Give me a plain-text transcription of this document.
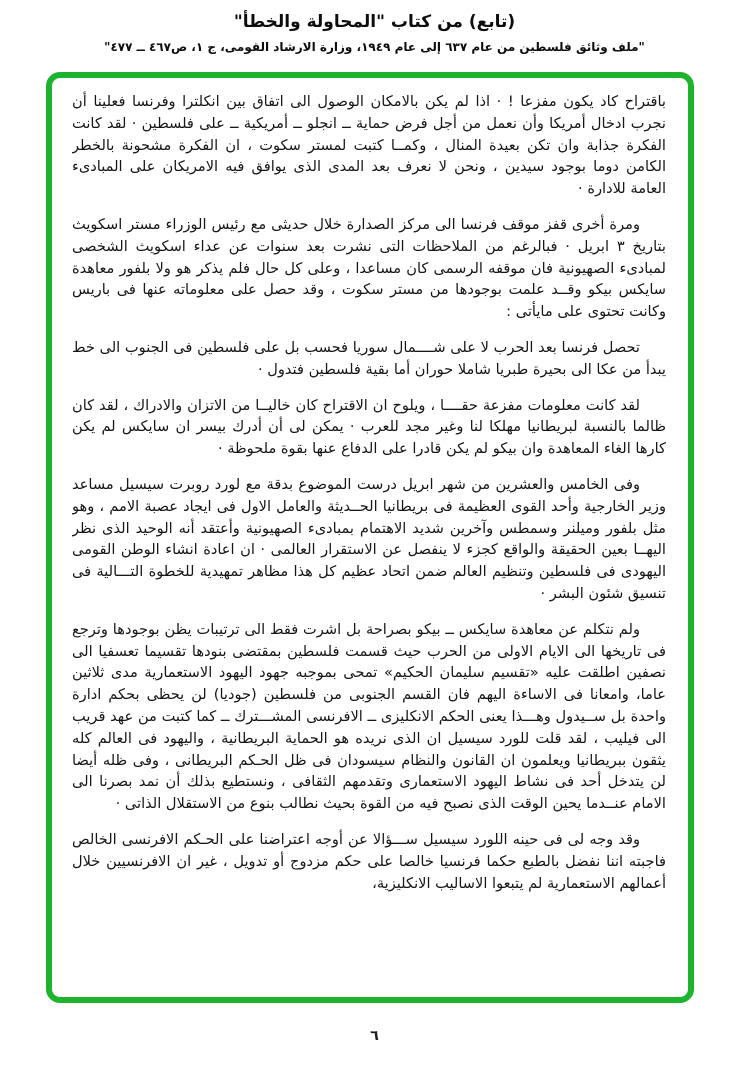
(تابع) من كتاب "المحاولة والخطأ"
"ملف وثائق فلسطين من عام ٦٣٧ إلى عام ١٩٤٩، وزارة الارشاد القومى، ج ١، ص٤٦٧ ــ ٤٧٧"

باقتراح كاد يكون مفزعا ! · اذا لم يكن بالامكان الوصول الى اتفاق بين انكلترا وفرنسا فعلينا أن نجرب ادخال أمريكا وأن نعمل من أجل فرض حماية ــ انجلو ــ أمريكية ــ على فلسطين · لقد كانت الفكرة جذابة وان تكن بعيدة المنال ، وكمــا كتبت لمستر سكوت ، ان الفكرة مشحونة بالخطر الكامن دوما بوجود سيدين ، ونحن لا نعرف بعد المدى الذى يوافق فيه الامريكان على المبادىء العامة للادارة ·

ومرة أخرى قفز موقف فرنسا الى مركز الصدارة خلال حديثى مع رئيس الوزراء مستر اسكويث بتاريخ ٣ ابريل · فبالرغم من الملاحظات التى نشرت بعد سنوات عن عداء اسكويث الشخصى لمبادىء الصهيونية فان موقفه الرسمى كان مساعدا ، وعلى كل حال فلم يذكر هو ولا بلفور معاهدة سايكس بيكو وقــد علمت بوجودها من مستر سكوت ، وقد حصل على معلوماته عنها فى باريس وكانت تحتوى على مايأتى :

تحصل فرنسا بعد الحرب لا على شــــمال سوريا فحسب بل على فلسطين فى الجنوب الى خط يبدأ من عكا الى بحيرة طبريا شاملا حوران أما بقية فلسطين فتدول ·

لقد كانت معلومات مفزعة حقــــا ، ويلوح ان الاقتراح كان خاليــا من الاتزان والادراك ، لقد كان ظالما بالنسبة لبريطانيا مهلكا لنا وغير مجد للعرب · يمكن لى أن أدرك بيسر ان سايكس لم يكن كارها الغاء المعاهدة وان بيكو لم يكن قادرا على الدفاع عنها بقوة ملحوظة ·

وفى الخامس والعشرين من شهر ابريل درست الموضوع بدقة مع لورد روبرت سيسيل مساعد وزير الخارجية وأحد القوى العظيمة فى بريطانيا الحــديثة والعامل الاول فى ايجاد عصبة الامم ، وهو مثل بلفور وميلنر وسمطس وآخرين شديد الاهتمام بمبادىء الصهيونية وأعتقد أنه الوحيد الذى نظر اليهــا بعين الحقيقة والواقع كجزء لا ينفصل عن الاستقرار العالمى · ان اعادة انشاء الوطن القومى اليهودى فى فلسطين وتنظيم العالم ضمن اتحاد عظيم كل هذا مظاهر تمهيدية للخطوة التـــالية فى تنسيق شئون البشر ·

ولم نتكلم عن معاهدة سايكس ــ بيكو بصراحة بل اشرت فقط الى ترتيبات يظن بوجودها وترجع فى تاريخها الى الايام الاولى من الحرب حيث قسمت فلسطين بمقتضى بنودها تقسيما تعسفيا الى نصفين اطلقت عليه «تقسيم سليمان الحكيم» تمحى بموجبه جهود اليهود الاستعمارية مدى ثلاثين عاما، وامعانا فى الاساءة اليهم فان القسم الجنوبى من فلسطين (جوديا) لن يحظى بحكم ادارة واحدة بل ســيدول وهـــذا يعنى الحكم الانكليزى ــ الافرنسى المشـــترك ــ كما كتبت من عهد قريب الى فيليب ، لقد قلت للورد سيسيل ان الذى نريده هو الحماية البريطانية ، واليهود فى العالم كله يثقون ببريطانيا ويعلمون ان القانون والنظام سيسودان فى ظل الحـكم البريطانى ، وفى ظله أيضا لن يتدخل أحد فى نشاط اليهود الاستعمارى وتقدمهم الثقافى ، ونستطيع بذلك أن نمد بصرنا الى الامام عنــدما يحين الوقت الذى نصبح فيه من القوة بحيث نطالب بنوع من الاستقلال الذاتى ·

وقد وجه لى فى حينه اللورد سيسيل ســـؤالا عن أوجه اعتراضنا على الحـكم الافرنسى الخالص فاجبته اننا نفضل بالطبع حكما فرنسيا خالصا على حكم مزدوج أو تدويل ، غير ان الافرنسيين خلال أعمالهم الاستعمارية لم يتبعوا الاساليب الانكليزية،

٦
